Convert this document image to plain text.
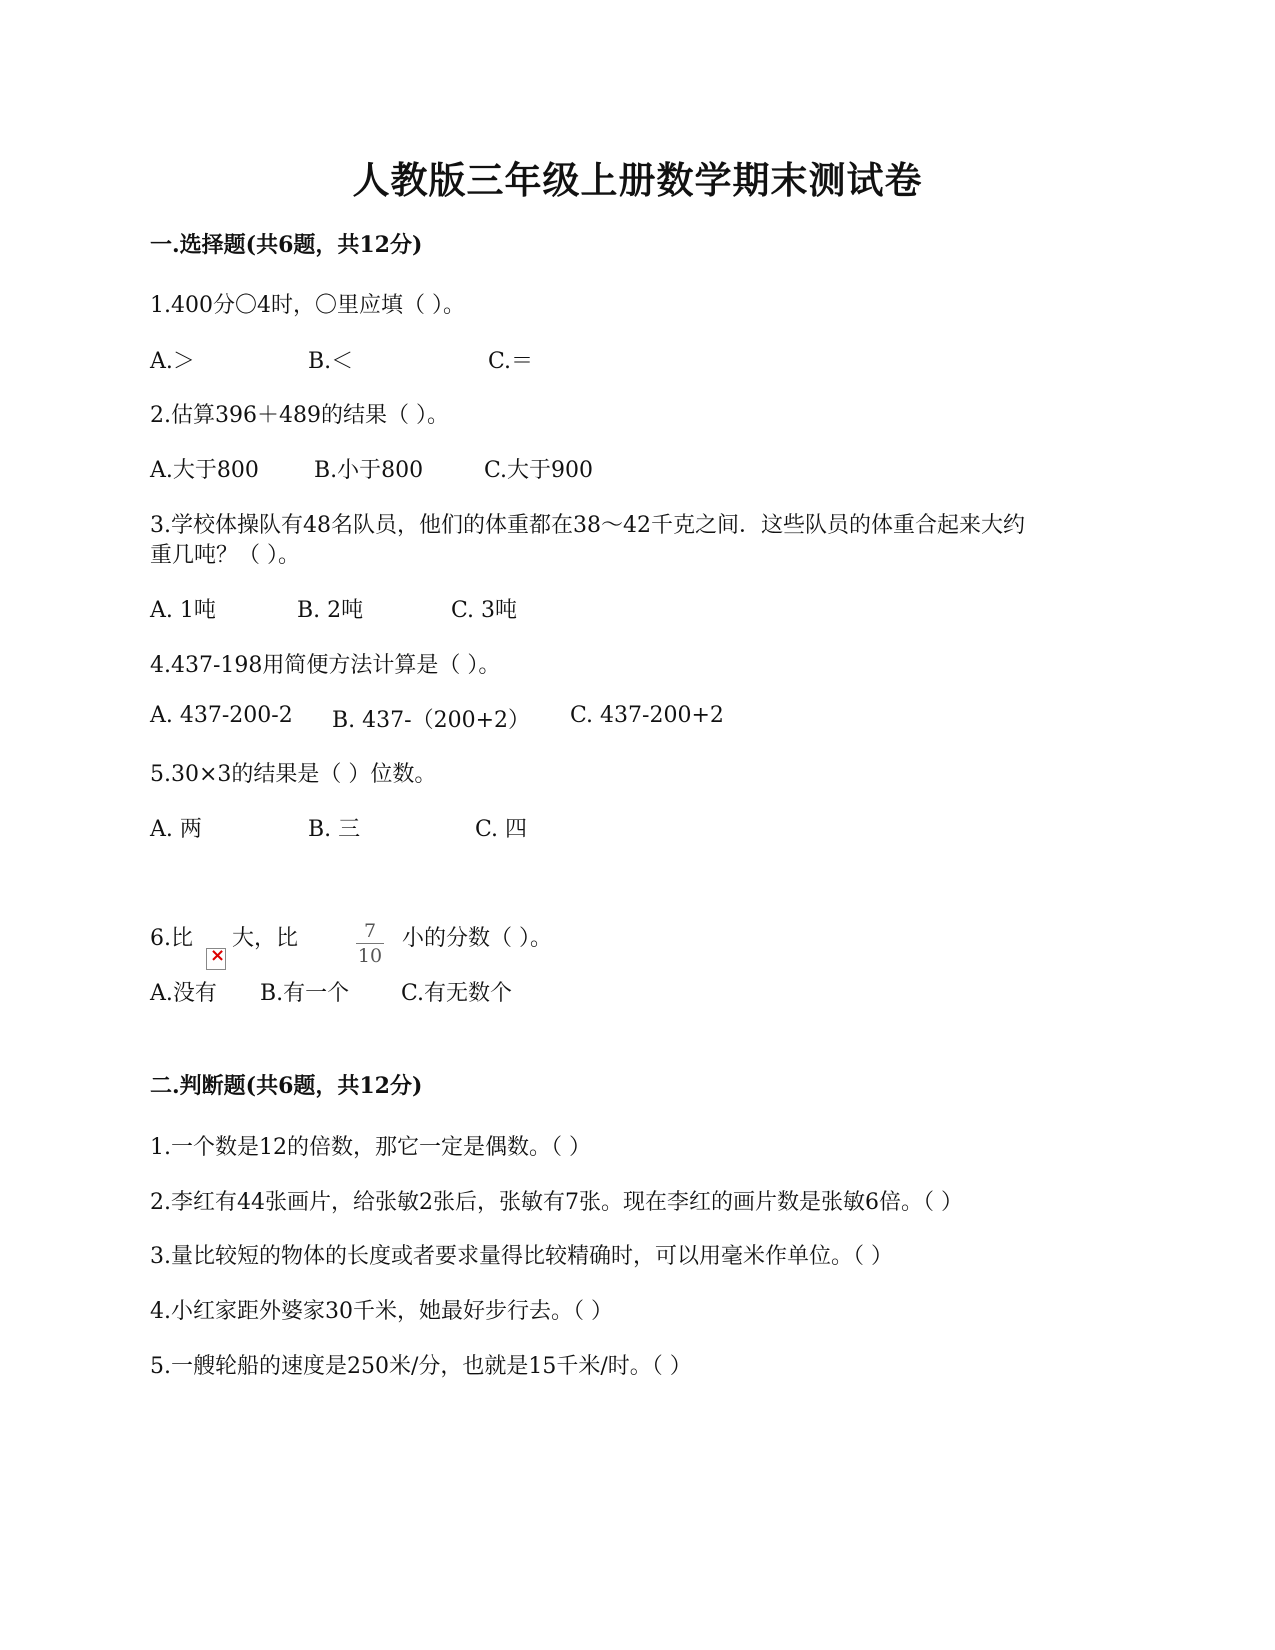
人教版三年级上册数学期末测试卷
一.选择题(共6题，共12分)
1.400分〇4时，〇里应填（ ）。
A.＞	B.＜	C.＝
2.估算396＋489的结果（ ）。
A.大于800	B.小于800	C.大于900
3.学校体操队有48名队员，他们的体重都在38～42千克之间．这些队员的体重合起来大约
重几吨？（ ）。
A. 1吨	B. 2吨	C. 3吨
4.437-198用简便方法计算是（ ）。
A. 437-200-2 B. 437-（200+2） C. 437-200+2
5.30×3的结果是（ ）位数。
A. 两	B. 三	C. 四
6.比
× 大，比	7
10
小的分数（ ）。
A.没有 B.有一个 C.有无数个
二.判断题(共6题，共12分)
1.一个数是12的倍数，那它一定是偶数。（ ）
2.李红有44张画片，给张敏2张后，张敏有7张。现在李红的画片数是张敏6倍。（ ）
3.量比较短的物体的长度或者要求量得比较精确时，可以用毫米作单位。（ ）
4.小红家距外婆家30千米，她最好步行去。（ ）
5.一艘轮船的速度是250米/分，也就是15千米/时。（ ）
